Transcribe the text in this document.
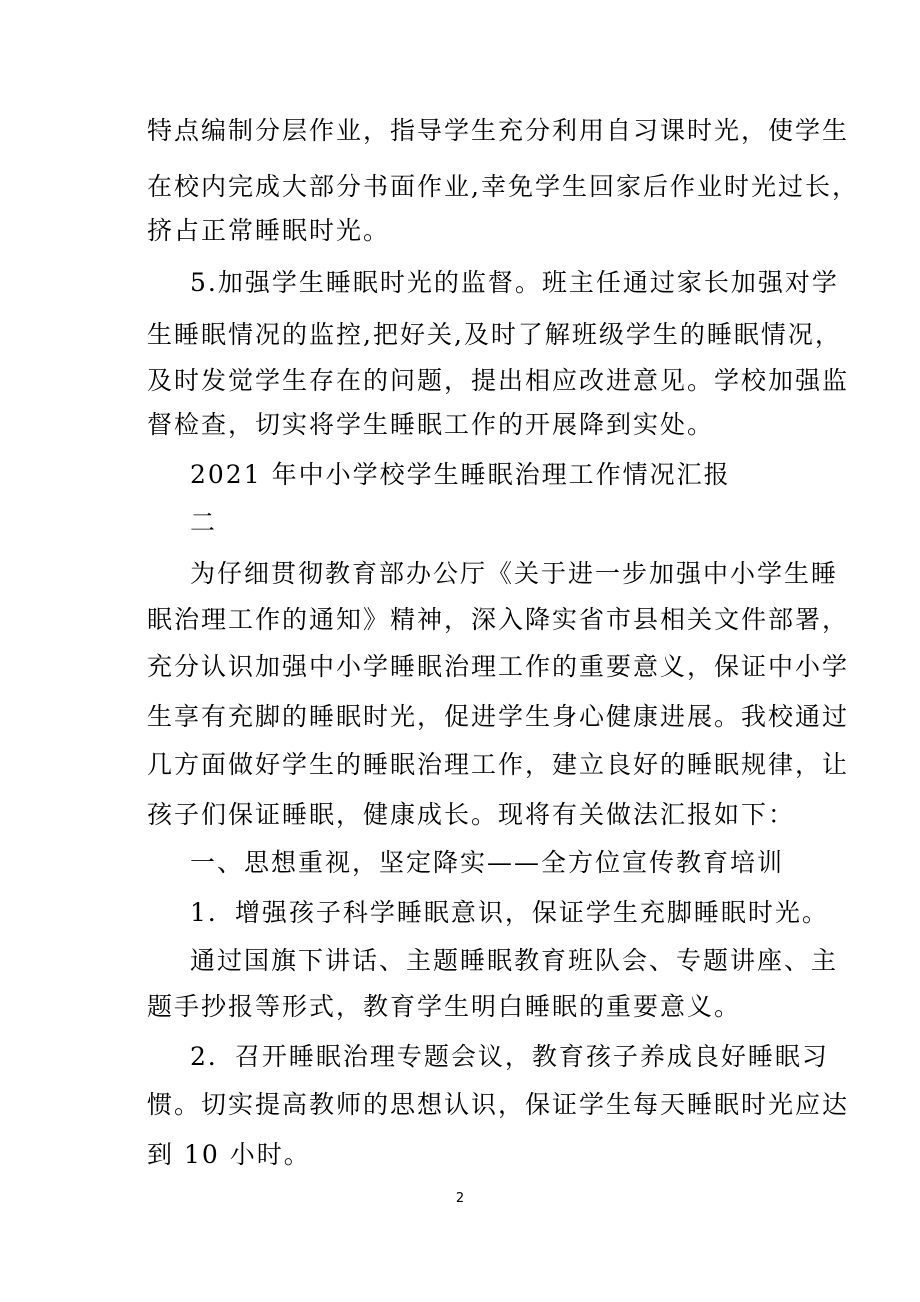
特点编制分层作业，指导学生充分利用自习课时光，使学生
在校内完成大部分书面作业,幸免学生回家后作业时光过长，
挤占正常睡眠时光。
5.加强学生睡眠时光的监督。班主任通过家长加强对学
生睡眠情况的监控,把好关,及时了解班级学生的睡眠情况，
及时发觉学生存在的问题，提出相应改进意见。学校加强监
督检查，切实将学生睡眠工作的开展降到实处。
2021 年中小学校学生睡眠治理工作情况汇报
二
为仔细贯彻教育部办公厅《关于进一步加强中小学生睡
眠治理工作的通知》精神，深入降实省市县相关文件部署，
充分认识加强中小学睡眠治理工作的重要意义，保证中小学
生享有充脚的睡眠时光，促进学生身心健康进展。我校通过
几方面做好学生的睡眠治理工作，建立良好的睡眠规律，让
孩子们保证睡眠，健康成长。现将有关做法汇报如下：
一、思想重视，坚定降实——全方位宣传教育培训
1．增强孩子科学睡眠意识，保证学生充脚睡眠时光。
通过国旗下讲话、主题睡眠教育班队会、专题讲座、主
题手抄报等形式，教育学生明白睡眠的重要意义。
2．召开睡眠治理专题会议，教育孩子养成良好睡眠习
惯。切实提高教师的思想认识，保证学生每天睡眠时光应达
到 10 小时。
2
